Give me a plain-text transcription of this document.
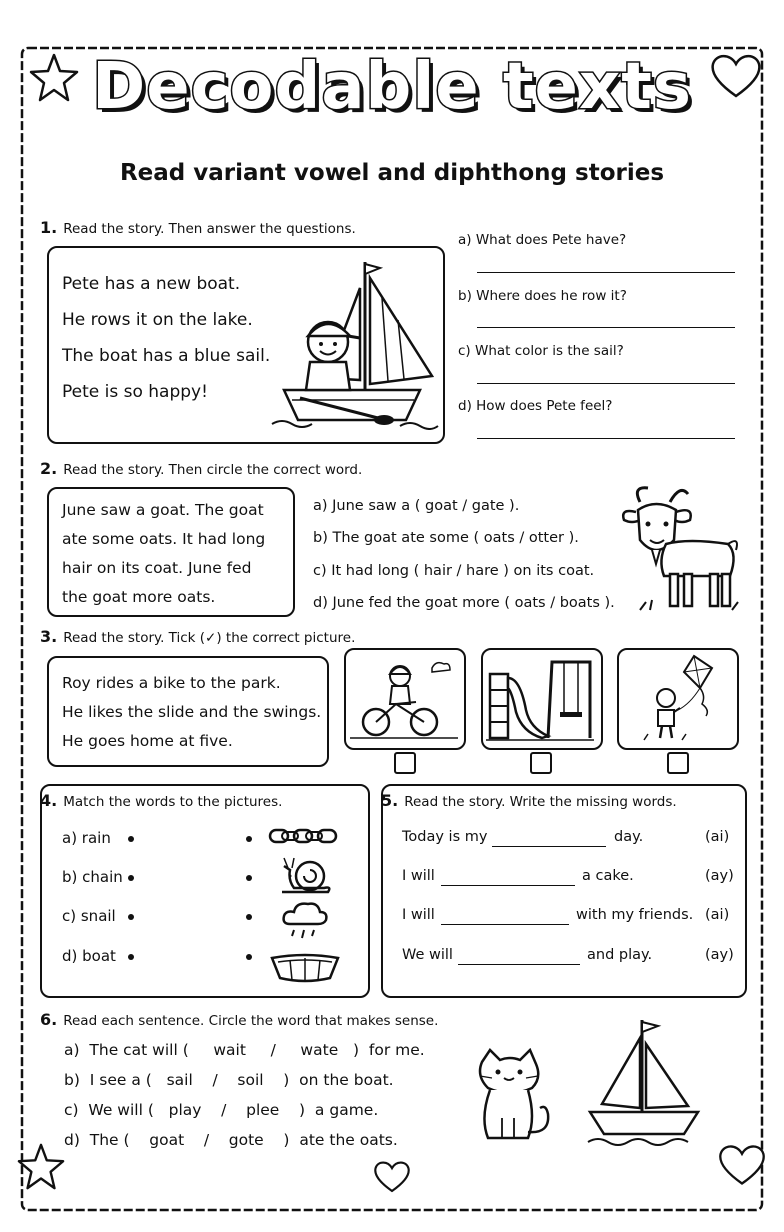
Decodable texts
Read variant vowel and diphthong stories
1. Read the story. Then answer the questions.
Pete has a new boat.
He rows it on the lake.
The boat has a blue sail.
Pete is so happy!
a) What does Pete have?
b) Where does he row it?
c) What color is the sail?
d) How does Pete feel?
2. Read the story. Then circle the correct word.
June saw a goat. The goat
ate some oats. It had long
hair on its coat. June fed
the goat more oats.
a) June saw a ( goat / gate ).
b) The goat ate some ( oats / otter ).
c) It had long ( hair / hare ) on its coat.
d) June fed the goat more ( oats / boats ).
3. Read the story. Tick (✓) the correct picture.
Roy rides a bike to the park.
He likes the slide and the swings.
He goes home at five.
4. Match the words to the pictures.
a) rain
b) chain
c) snail
d) boat
5. Read the story. Write the missing words.
Today is my	day.	(ai)
I will	a cake.	(ay)
I will	with my friends. (ai)
We will	and play.	(ay)
6. Read each sentence. Circle the word that makes sense.
a)  The cat will (     wait     /     wate   )  for me.
b)  I see a (   sail    /    soil    )  on the boat.
c)  We will (   play    /    plee    )  a game.
d)  The (    goat    /    gote    )  ate the oats.
